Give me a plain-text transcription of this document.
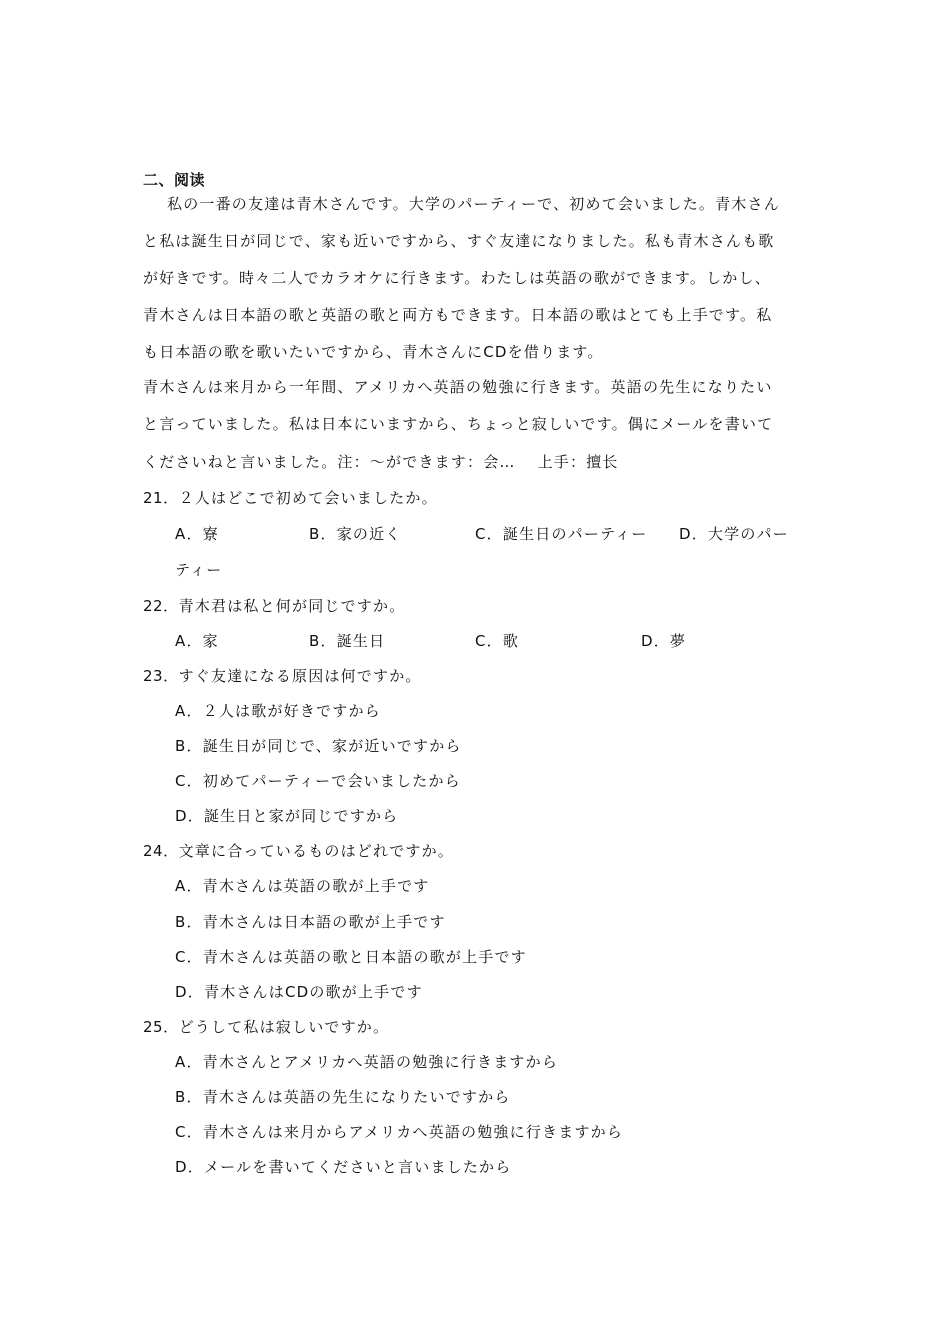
二、阅读
私の一番の友達は青木さんです。大学のパーティーで、初めて会いました。青木さん
と私は誕生日が同じで、家も近いですから、すぐ友達になりました。私も青木さんも歌
が好きです。時々二人でカラオケに行きます。わたしは英語の歌ができます。しかし、
青木さんは日本語の歌と英語の歌と両方もできます。日本語の歌はとても上手です。私
も日本語の歌を歌いたいですから、青木さんにCDを借ります。
青木さんは来月から一年間、アメリカへ英語の勉強に行きます。英語の先生になりたい
と言っていました。私は日本にいますから、ちょっと寂しいです。偶にメールを書いて
くださいねと言いました。注：～ができます：会… 上手：擅长
21．２人はどこで初めて会いましたか。
A．寮	B．家の近く	C．誕生日のパーティー D．大学のパー
ティー
22．青木君は私と何が同じですか。
A．家	B．誕生日	C．歌	D．夢
23．すぐ友達になる原因は何ですか。
A．２人は歌が好きですから
B．誕生日が同じで、家が近いですから
C．初めてパーティーで会いましたから
D．誕生日と家が同じですから
24．文章に合っているものはどれですか。
A．青木さんは英語の歌が上手です
B．青木さんは日本語の歌が上手です
C．青木さんは英語の歌と日本語の歌が上手です
D．青木さんはCDの歌が上手です
25．どうして私は寂しいですか。
A．青木さんとアメリカへ英語の勉強に行きますから
B．青木さんは英語の先生になりたいですから
C．青木さんは来月からアメリカへ英語の勉強に行きますから
D．メールを書いてくださいと言いましたから
